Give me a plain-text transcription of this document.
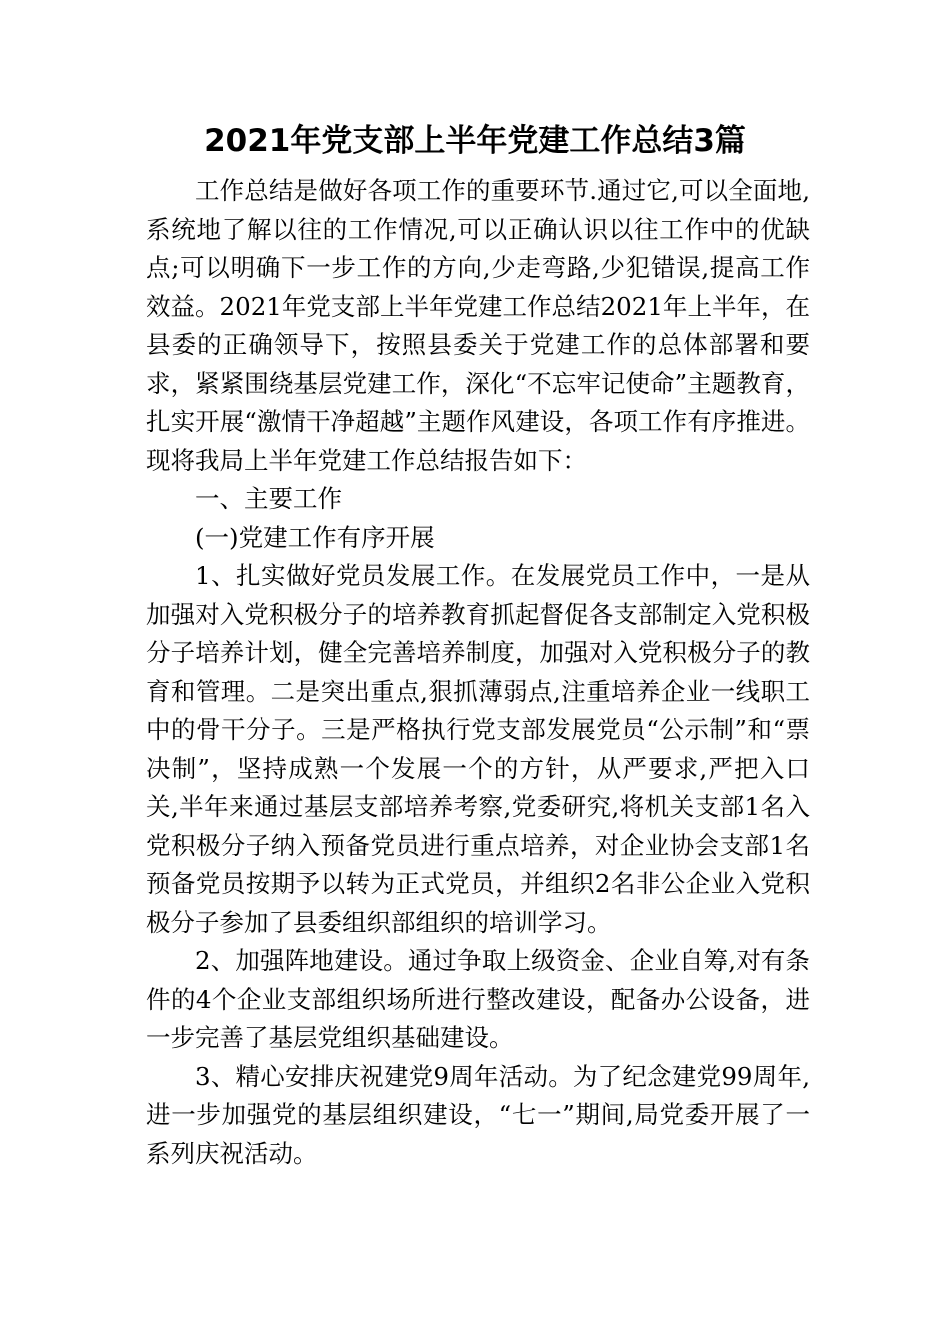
2021年党支部上半年党建工作总结3篇

工作总结是做好各项工作的重要环节.通过它,可以全面地,系统地了解以往的工作情况,可以正确认识以往工作中的优缺点;可以明确下一步工作的方向,少走弯路,少犯错误,提高工作效益。2021年党支部上半年党建工作总结2021年上半年，在县委的正确领导下，按照县委关于党建工作的总体部署和要求，紧紧围绕基层党建工作，深化“不忘牢记使命”主题教育，扎实开展“激情干净超越”主题作风建设，各项工作有序推进。现将我局上半年党建工作总结报告如下：

一、主要工作

(一)党建工作有序开展

1、扎实做好党员发展工作。在发展党员工作中，一是从加强对入党积极分子的培养教育抓起督促各支部制定入党积极分子培养计划，健全完善培养制度，加强对入党积极分子的教育和管理。二是突出重点,狠抓薄弱点,注重培养企业一线职工中的骨干分子。三是严格执行党支部发展党员“公示制”和“票决制”，坚持成熟一个发展一个的方针，从严要求,严把入口关,半年来通过基层支部培养考察,党委研究,将机关支部1名入党积极分子纳入预备党员进行重点培养，对企业协会支部1名预备党员按期予以转为正式党员，并组织2名非公企业入党积极分子参加了县委组织部组织的培训学习。

2、加强阵地建设。通过争取上级资金、企业自筹,对有条件的4个企业支部组织场所进行整改建设，配备办公设备，进一步完善了基层党组织基础建设。

3、精心安排庆祝建党9周年活动。为了纪念建党99周年,进一步加强党的基层组织建设，“七一”期间,局党委开展了一系列庆祝活动。
